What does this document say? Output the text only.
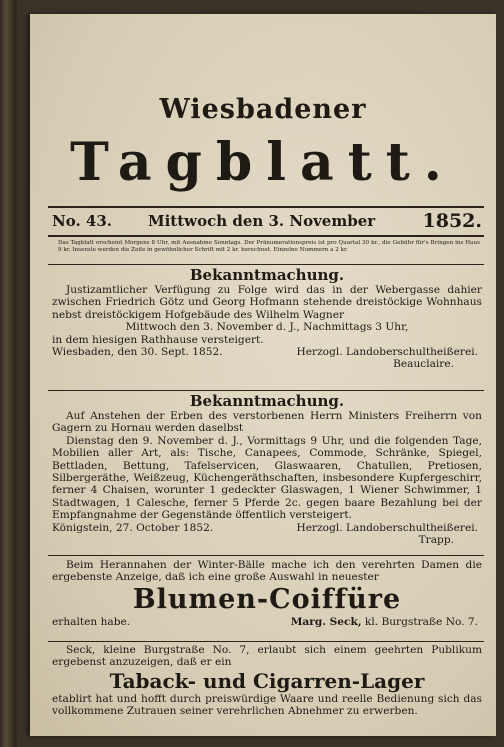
Wiesbadener
Tagblatt.
No. 43. Mittwoch den 3. November 1852.
Das Tagblatt erscheint Morgens 8 Uhr, mit Ausnahme Sonntags. Der Pränumerationspreis ist pro Quartal 30 kr., die Gebühr für's Bringen ins Haus 9 kr. Inserate werden die Zeile in gewöhnlicher Schrift mit 2 kr. berechnet. Einzelne Nummern a 2 kr.
Bekanntmachung.

Justizamtlicher Verfügung zu Folge wird das in der Webergasse dahier zwischen Friedrich Götz und Georg Hofmann stehende dreistöckige Wohnhaus nebst dreistöckigem Hofgebäude des Wilhelm Wagner

Mittwoch den 3. November d. J., Nachmittags 3 Uhr,

in dem hiesigen Rathhause versteigert.

Wiesbaden, den 30. Sept. 1852.	Herzogl. Landoberschultheißerei.

Beauclaire.

Bekanntmachung.

Auf Anstehen der Erben des verstorbenen Herrn Ministers Freiherrn von Gagern zu Hornau werden daselbst

Dienstag den 9. November d. J., Vormittags 9 Uhr, und die folgenden Tage, Mobilien aller Art, als: Tische, Canapees, Commode, Schränke, Spiegel, Bettladen, Bettung, Tafelservicen, Glaswaaren, Chatullen, Pretiosen, Silbergeräthe, Weißzeug, Küchengeräthschaften, insbesondere Kupfergeschirr, ferner 4 Chaisen, worunter 1 gedeckter Glaswagen, 1 Wiener Schwimmer, 1 Stadtwagen, 1 Calesche, ferner 5 Pferde 2c. gegen baare Bezahlung bei der Empfangnahme der Gegenstände öffentlich versteigert.

Königstein, 27. October 1852.	Herzogl. Landoberschultheißerei.

Trapp.

Beim Herannahen der Winter-Bälle mache ich den verehrten Damen die ergebenste Anzeige, daß ich eine große Auswahl in neuester

Blumen-Coiffüre
erhalten habe.	Marg. Seck, kl. Burgstraße No. 7.

Seck, kleine Burgstraße No. 7, erlaubt sich einem geehrten Publikum ergebenst anzuzeigen, daß er ein

Taback- und Cigarren-Lager

etablirt hat und hofft durch preiswürdige Waare und reelle Bedienung sich das vollkommene Zutrauen seiner verehrlichen Abnehmer zu erwerben.
